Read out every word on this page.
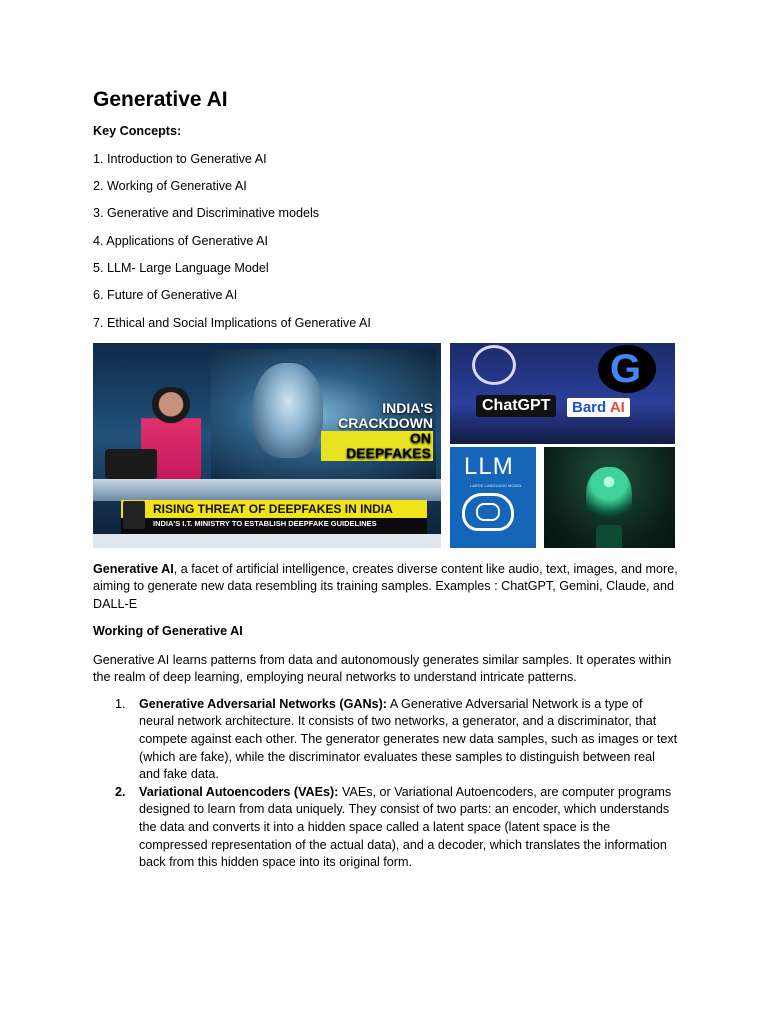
Generative AI

Key Concepts:

1. Introduction to Generative AI
2. Working of Generative AI
3. Generative and Discriminative models
4. Applications of Generative AI
5. LLM- Large Language Model
6. Future of Generative AI
7. Ethical and Social Implications of Generative AI
INDIA'S
CRACKDOWN
ON DEEPFAKES
RISING THREAT OF DEEPFAKES IN INDIA
INDIA'S I.T. MINISTRY TO ESTABLISH DEEPFAKE GUIDELINES
G
ChatGPT	Bard AI
LLM
LARGE LANGUAGE MODEL

Generative AI, a facet of artificial intelligence, creates diverse content like audio, text, images, and more, aiming to generate new data resembling its training samples. Examples : ChatGPT, Gemini, Claude, and DALL-E

Working of Generative AI

Generative AI learns patterns from data and autonomously generates similar samples. It operates within the realm of deep learning, employing neural networks to understand intricate patterns.

1. Generative Adversarial Networks (GANs): A Generative Adversarial Network is a type of neural network architecture. It consists of two networks, a generator, and a discriminator, that compete against each other. The generator generates new data samples, such as images or text (which are fake), while the discriminator evaluates these samples to distinguish between real and fake data.
2. Variational Autoencoders (VAEs): VAEs, or Variational Autoencoders, are computer programs designed to learn from data uniquely. They consist of two parts: an encoder, which understands the data and converts it into a hidden space called a latent space (latent space is the compressed representation of the actual data), and a decoder, which translates the information back from this hidden space into its original form.
